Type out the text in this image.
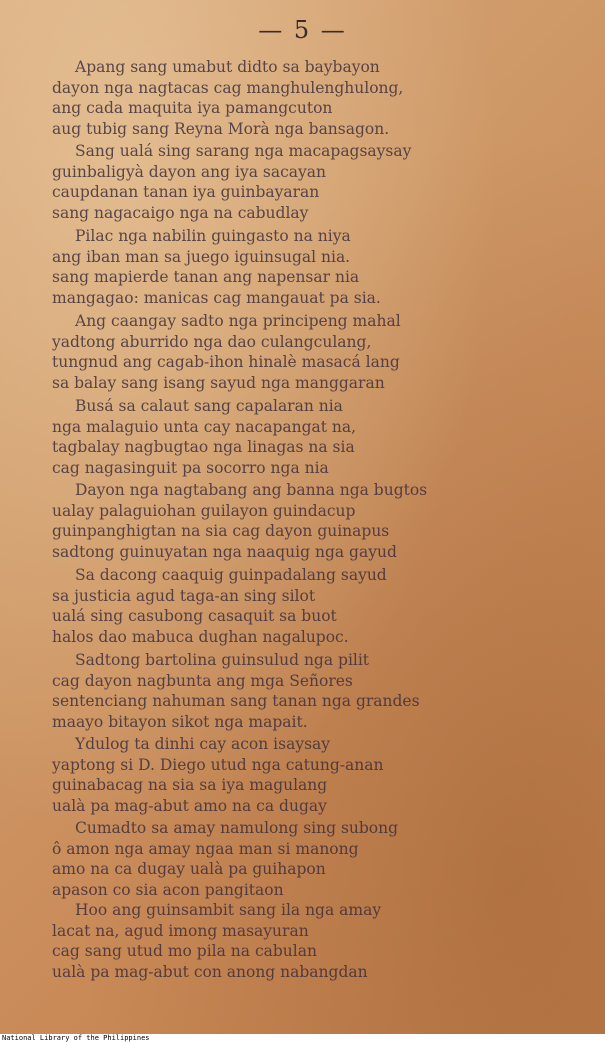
— 5 —
Apang sang umabut didto sa baybayon
dayon nga nagtacas cag manghulenghulong,
ang cada maquita iya pamangcuton
aug tubig sang Reyna Morà nga bansagon.
Sang ualá sing sarang nga macapagsaysay
guinbaligyà dayon ang iya sacayan
caupdanan tanan iya guinbayaran
sang nagacaigo nga na cabudlay
Pilac nga nabilin guingasto na niya
ang iban man sa juego iguinsugal nia.
sang mapierde tanan ang napensar nia
mangagao: manicas cag mangauat pa sia.
Ang caangay sadto nga principeng mahal
yadtong aburrido nga dao culangculang,
tungnud ang cagab-ihon hinalè masacá lang
sa balay sang isang sayud nga manggaran
Busá sa calaut sang capalaran nia
nga malaguio unta cay nacapangat na,
tagbalay nagbugtao nga linagas na sia
cag nagasinguit pa socorro nga nia
Dayon nga nagtabang ang banna nga bugtos
ualay palaguiohan guilayon guindacup
guinpanghigtan na sia cag dayon guinapus
sadtong guinuyatan nga naaquig nga gayud
Sa dacong caaquig guinpadalang sayud
sa justicia agud taga-an sing silot
ualá sing casubong casaquit sa buot
halos dao mabuca dughan nagalupoc.
Sadtong bartolina guinsulud nga pilit
cag dayon nagbunta ang mga Señores
sentenciang nahuman sang tanan nga grandes
maayo bitayon sikot nga mapait.
Ydulog ta dinhi cay acon isaysay
yaptong si D. Diego utud nga catung-anan
guinabacag na sia sa iya magulang
ualà pa mag-abut amo na ca dugay
Cumadto sa amay namulong sing subong
ô amon nga amay ngaa man si manong
amo na ca dugay ualà pa guihapon
apason co sia acon pangitaon
Hoo ang guinsambit sang ila nga amay
lacat na, agud imong masayuran
cag sang utud mo pila na cabulan
ualà pa mag-abut con anong nabangdan
National Library of the Philippines
